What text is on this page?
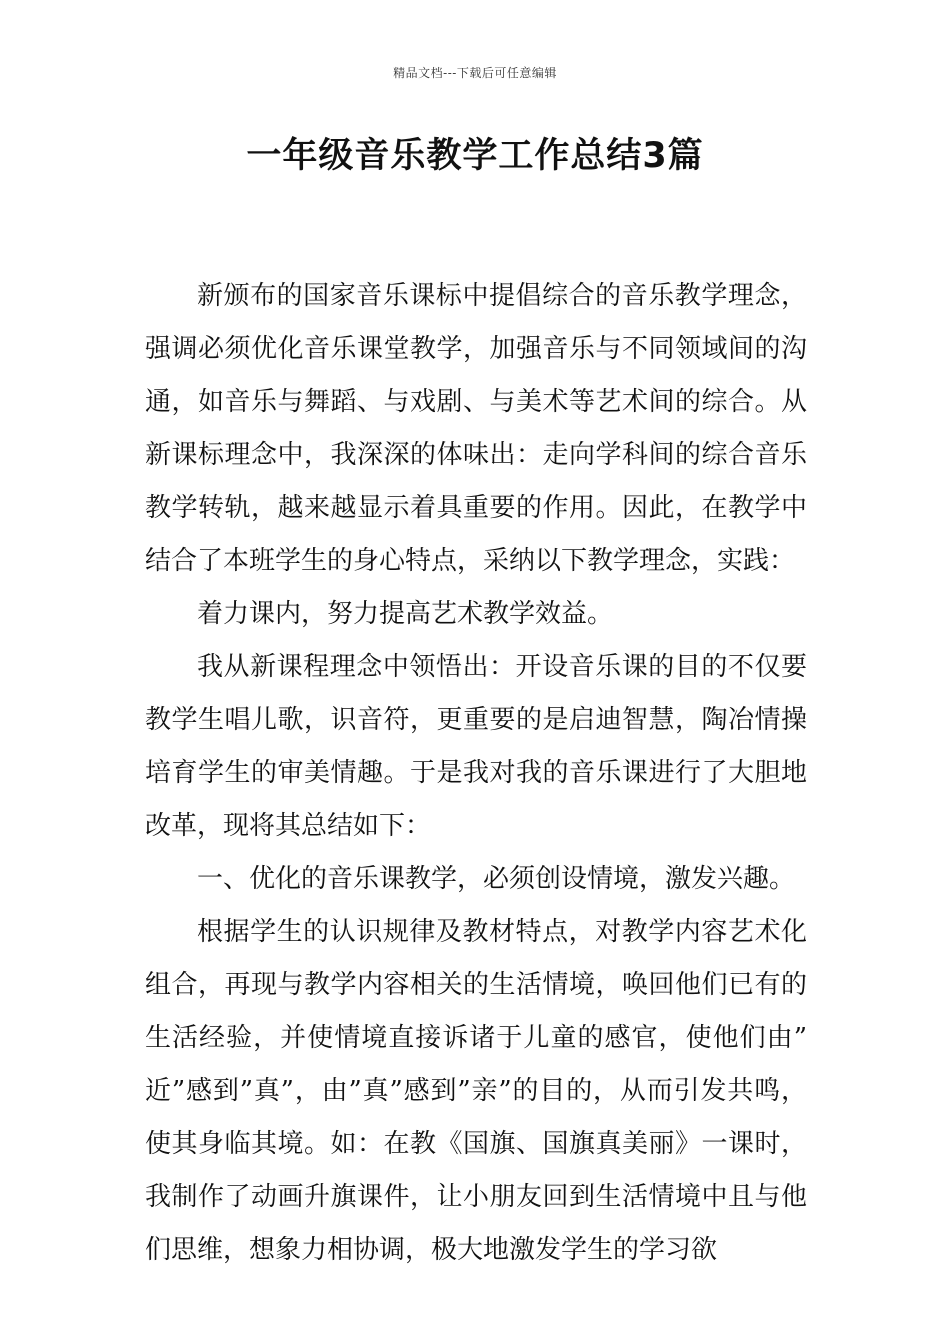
精品文档---下载后可任意编辑
一年级音乐教学工作总结3篇

新颁布的国家音乐课标中提倡综合的音乐教学理念，强调必须优化音乐课堂教学，加强音乐与不同领域间的沟通，如音乐与舞蹈、与戏剧、与美术等艺术间的综合。从新课标理念中，我深深的体味出：走向学科间的综合音乐教学转轨，越来越显示着具重要的作用。因此，在教学中结合了本班学生的身心特点，采纳以下教学理念，实践：

着力课内，努力提高艺术教学效益。

我从新课程理念中领悟出：开设音乐课的目的不仅要教学生唱儿歌，识音符，更重要的是启迪智慧，陶冶情操培育学生的审美情趣。于是我对我的音乐课进行了大胆地改革，现将其总结如下：

一、优化的音乐课教学，必须创设情境，激发兴趣。

根据学生的认识规律及教材特点，对教学内容艺术化组合，再现与教学内容相关的生活情境，唤回他们已有的生活经验，并使情境直接诉诸于儿童的感官，使他们由”近”感到”真”，由”真”感到”亲”的目的，从而引发共鸣，使其身临其境。如：在教《国旗、国旗真美丽》一课时，我制作了动画升旗课件，让小朋友回到生活情境中且与他们思维，想象力相协调，极大地激发学生的学习欲
